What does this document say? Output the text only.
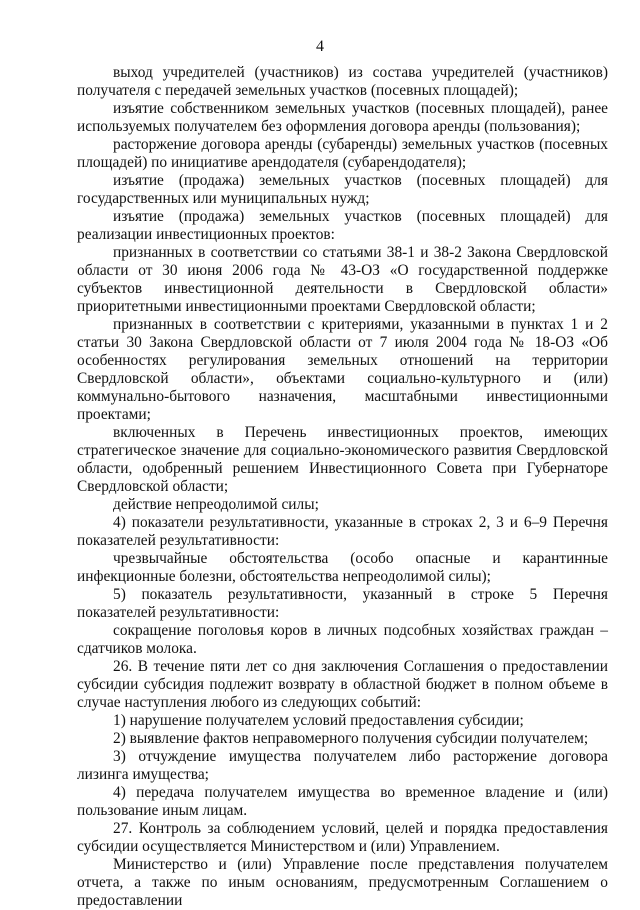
4

выход учредителей (участников) из состава учредителей (участников) получателя с передачей земельных участков (посевных площадей);

изъятие собственником земельных участков (посевных площадей), ранее используемых получателем без оформления договора аренды (пользования);

расторжение договора аренды (субаренды) земельных участков (посевных площадей) по инициативе арендодателя (субарендодателя);

изъятие (продажа) земельных участков (посевных площадей) для государственных или муниципальных нужд;

изъятие (продажа) земельных участков (посевных площадей) для реализации инвестиционных проектов:

признанных в соответствии со статьями 38-1 и 38-2 Закона Свердловской области от 30 июня 2006 года № 43-ОЗ «О государственной поддержке субъектов инвестиционной деятельности в Свердловской области» приоритетными инвестиционными проектами Свердловской области;

признанных в соответствии с критериями, указанными в пунктах 1 и 2 статьи 30 Закона Свердловской области от 7 июля 2004 года № 18-ОЗ «Об особенностях регулирования земельных отношений на территории Свердловской области», объектами социально-культурного и (или) коммунально-бытового назначения, масштабными инвестиционными проектами;

включенных в Перечень инвестиционных проектов, имеющих стратегическое значение для социально-экономического развития Свердловской области, одобренный решением Инвестиционного Совета при Губернаторе Свердловской области;

действие непреодолимой силы;

4) показатели результативности, указанные в строках 2, 3 и 6–9 Перечня показателей результативности:

чрезвычайные обстоятельства (особо опасные и карантинные инфекционные болезни, обстоятельства непреодолимой силы);

5) показатель результативности, указанный в строке 5 Перечня показателей результативности:

сокращение поголовья коров в личных подсобных хозяйствах граждан – сдатчиков молока.

26. В течение пяти лет со дня заключения Соглашения о предоставлении субсидии субсидия подлежит возврату в областной бюджет в полном объеме в случае наступления любого из следующих событий:

1) нарушение получателем условий предоставления субсидии;

2) выявление фактов неправомерного получения субсидии получателем;

3) отчуждение имущества получателем либо расторжение договора лизинга имущества;

4) передача получателем имущества во временное владение и (или) пользование иным лицам.

27. Контроль за соблюдением условий, целей и порядка предоставления субсидии осуществляется Министерством и (или) Управлением.

Министерство и (или) Управление после представления получателем отчета, а также по иным основаниям, предусмотренным Соглашением о предоставлении
